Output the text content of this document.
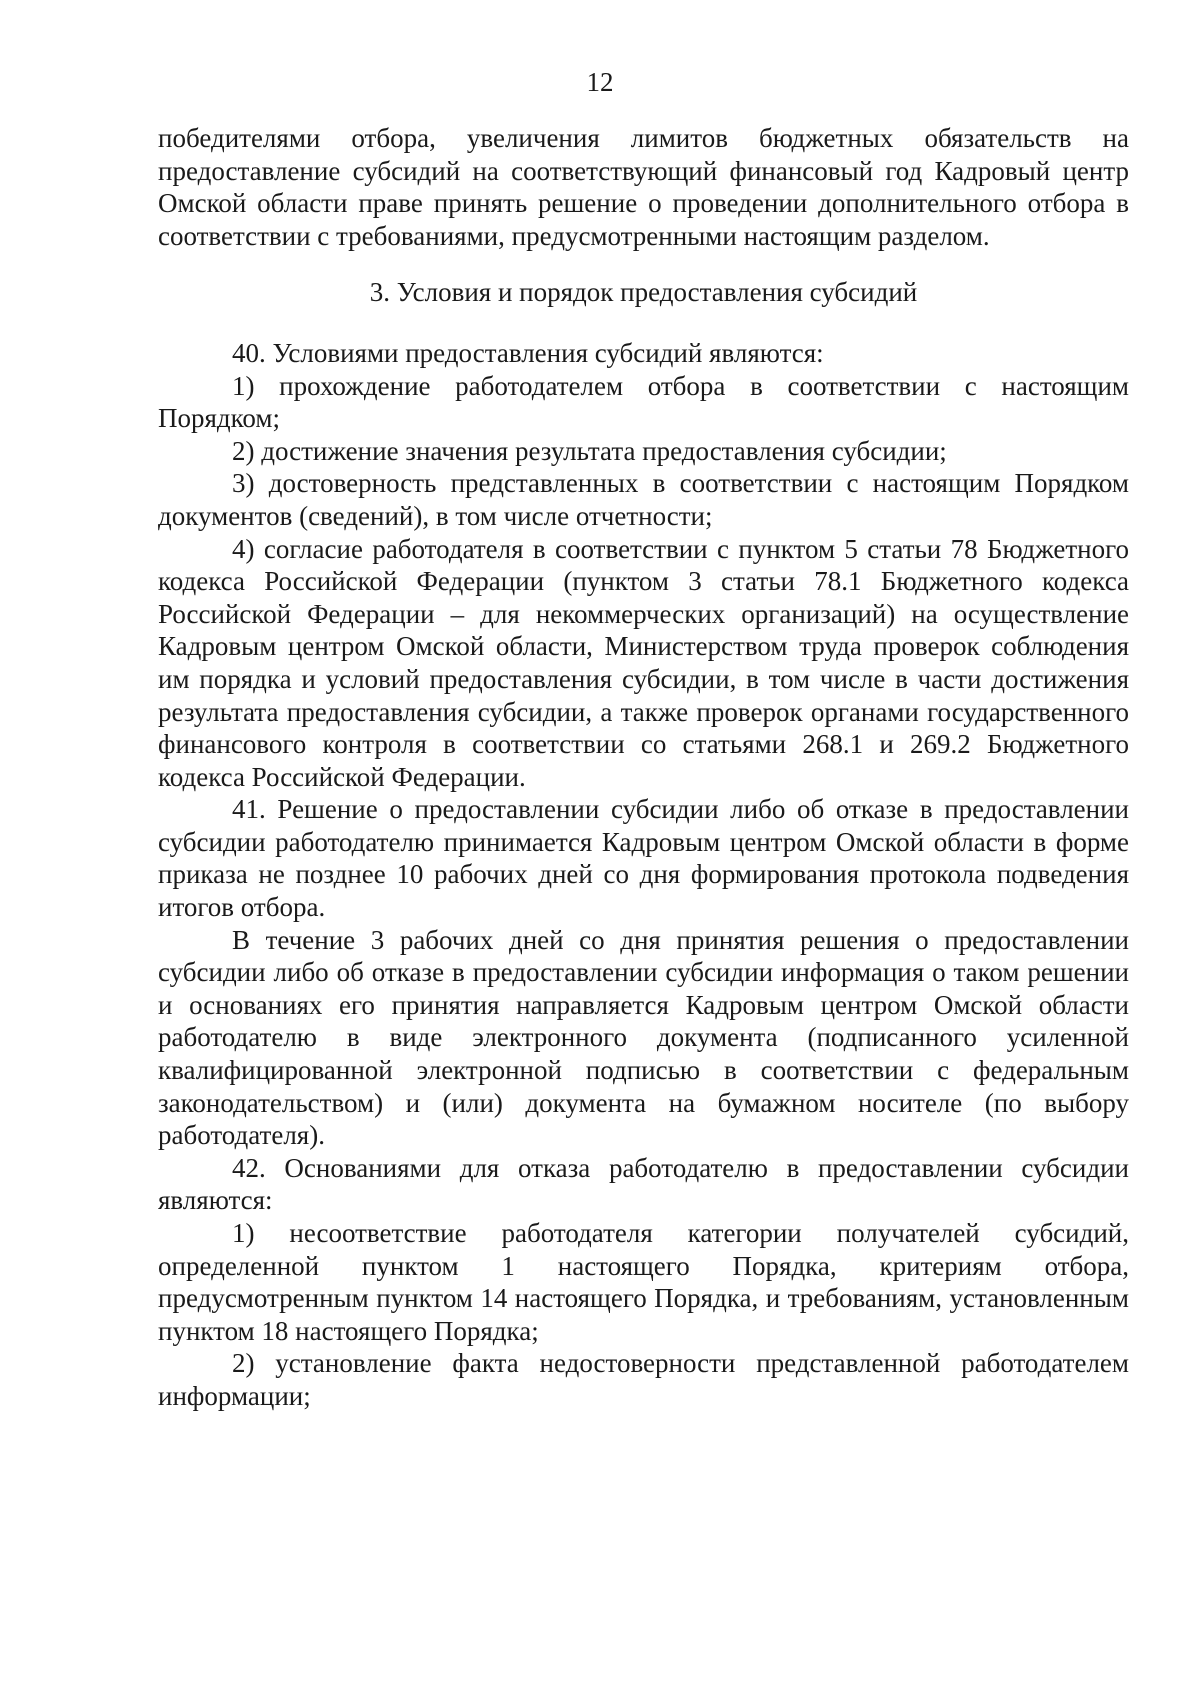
12

победителями отбора, увеличения лимитов бюджетных обязательств на предоставление субсидий на соответствующий финансовый год Кадровый центр Омской области праве принять решение о проведении дополнительного отбора в соответствии с требованиями, предусмотренными настоящим разделом.

3. Условия и порядок предоставления субсидий

40. Условиями предоставления субсидий являются:

1) прохождение работодателем отбора в соответствии с настоящим Порядком;

2) достижение значения результата предоставления субсидии;

3) достоверность представленных в соответствии с настоящим Порядком документов (сведений), в том числе отчетности;

4) согласие работодателя в соответствии с пунктом 5 статьи 78 Бюджетного кодекса Российской Федерации (пунктом 3 статьи 78.1 Бюджетного кодекса Российской Федерации – для некоммерческих организаций) на осуществление Кадровым центром Омской области, Министерством труда проверок соблюдения им порядка и условий предоставления субсидии, в том числе в части достижения результата предоставления субсидии, а также проверок органами государственного финансового контроля в соответствии со статьями 268.1 и 269.2 Бюджетного кодекса Российской Федерации.

41. Решение о предоставлении субсидии либо об отказе в предоставлении субсидии работодателю принимается Кадровым центром Омской области в форме приказа не позднее 10 рабочих дней со дня формирования протокола подведения итогов отбора.

В течение 3 рабочих дней со дня принятия решения о предоставлении субсидии либо об отказе в предоставлении субсидии информация о таком решении и основаниях его принятия направляется Кадровым центром Омской области работодателю в виде электронного документа (подписанного усиленной квалифицированной электронной подписью в соответствии с федеральным законодательством) и (или) документа на бумажном носителе (по выбору работодателя).

42. Основаниями для отказа работодателю в предоставлении субсидии являются:

1) несоответствие работодателя категории получателей субсидий, определенной пунктом 1 настоящего Порядка, критериям отбора, предусмотренным пунктом 14 настоящего Порядка, и требованиям, установленным пунктом 18 настоящего Порядка;

2) установление факта недостоверности представленной работодателем информации;
